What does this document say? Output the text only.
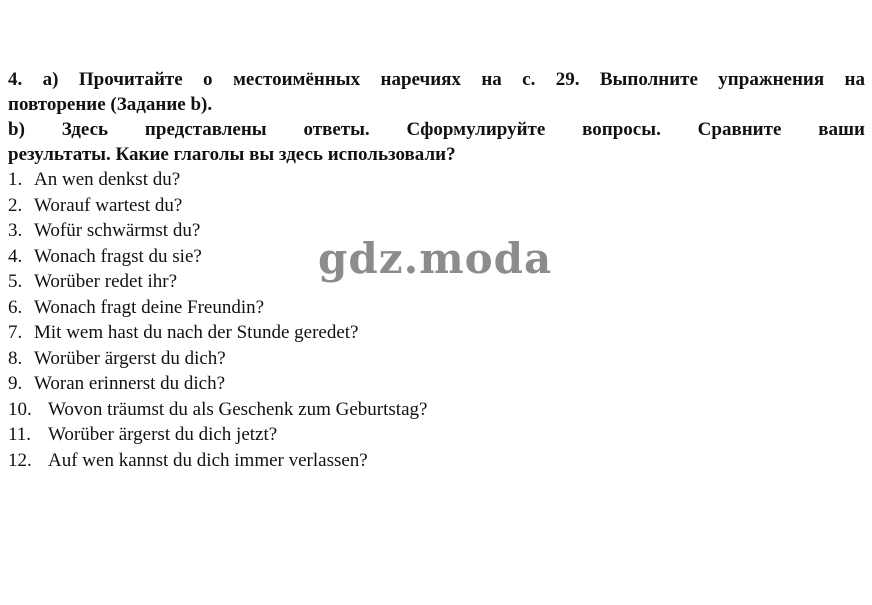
4. a) Прочитайте о местоимённых наречиях на с. 29. Выполните упражнения на
повторение (Задание b).
b) Здесь представлены ответы. Сформулируйте вопросы. Сравните ваши
результаты. Какие глаголы вы здесь использовали?
1. An wen denkst du?
2. Worauf wartest du?
3. Wofür schwärmst du?
4. Wonach fragst du sie?
5. Worüber redet ihr?
6. Wonach fragt deine Freundin?
7. Mit wem hast du nach der Stunde geredet?
8. Worüber ärgerst du dich?
9. Woran erinnerst du dich?
10. Wovon träumst du als Geschenk zum Geburtstag?
11. Worüber ärgerst du dich jetzt?
12. Auf wen kannst du dich immer verlassen?
gdz.moda
